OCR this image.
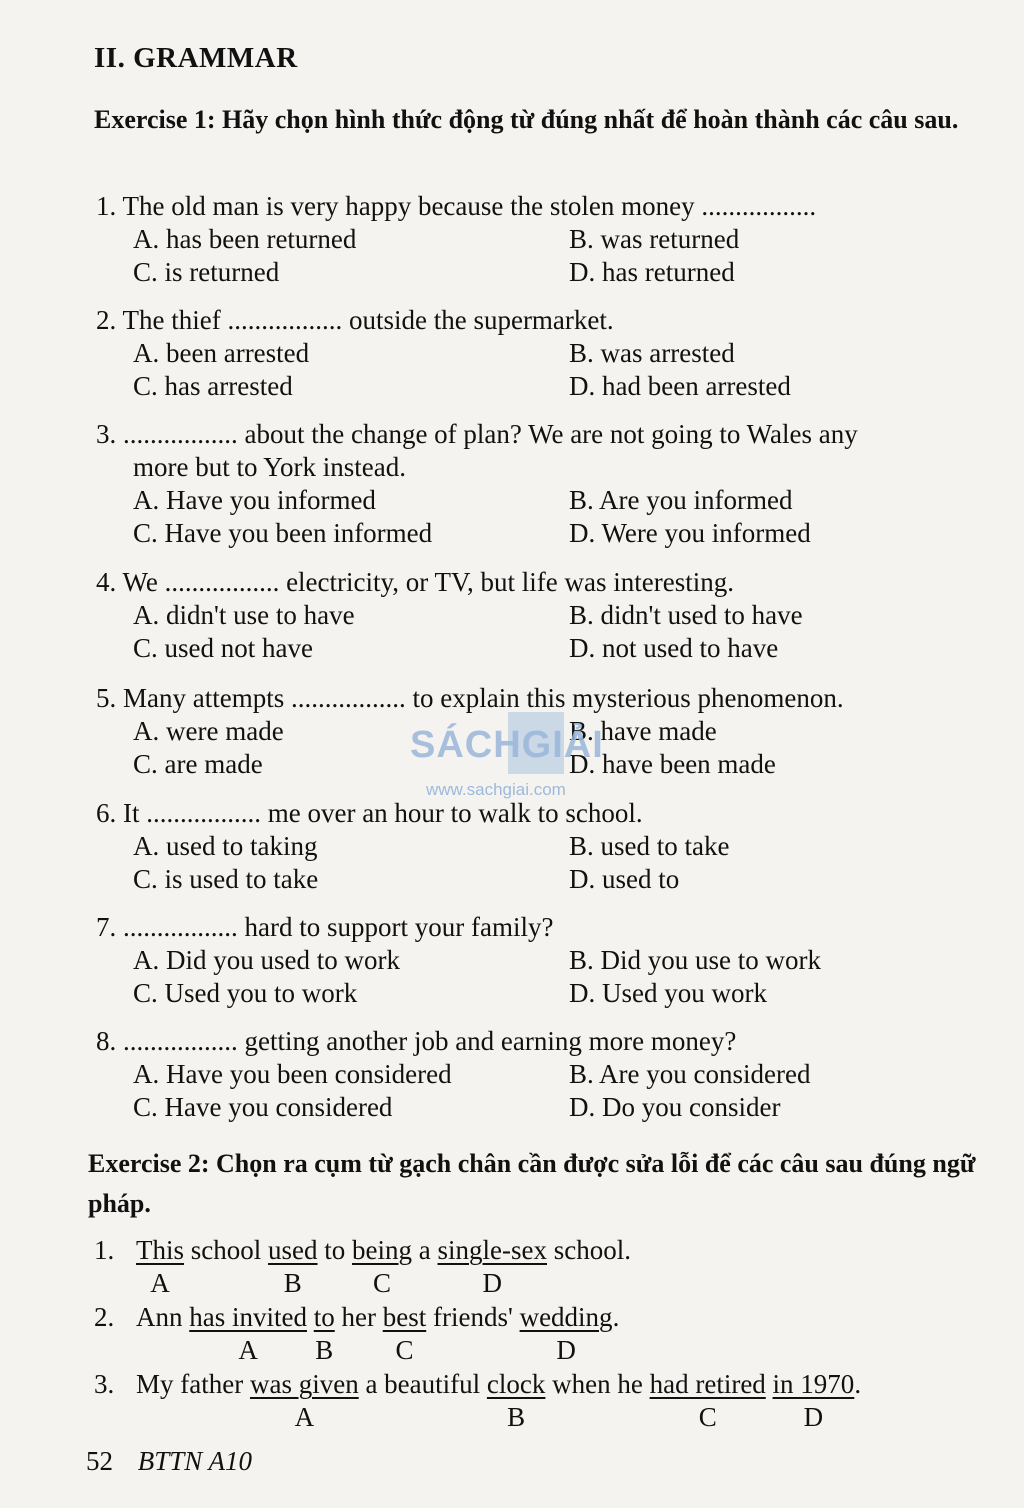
II. GRAMMAR
Exercise 1: Hãy chọn hình thức động từ đúng nhất để hoàn thành các câu sau.
1. The old man is very happy because the stolen money .................
A. has been returned	B. was returned
C. is returned	D. has returned
2. The thief ................. outside the supermarket.
A. been arrested	B. was arrested
C. has arrested	D. had been arrested
3. ................. about the change of plan? We are not going to Wales any
more but to York instead.
A. Have you informed	B. Are you informed
C. Have you been informed	D. Were you informed
4. We ................. electricity, or TV, but life was interesting.
A. didn't use to have	B. didn't used to have
C. used not have	D. not used to have
5. Many attempts ................. to explain this mysterious phenomenon.
A. were made	B. have made
C. are made	D. have been made
6. It ................. me over an hour to walk to school.
A. used to taking	B. used to take
C. is used to take	D. used to
7. ................. hard to support your family?
A. Did you used to work	B. Did you use to work
C. Used you to work	D. Used you work
8. ................. getting another job and earning more money?
A. Have you been considered	B. Are you considered
C. Have you considered	D. Do you consider
Exercise 2: Chọn ra cụm từ gạch chân cần được sửa lỗi để các câu sau đúng ngữ pháp.
1. This school used to being a single-sex school.
A	B	C	D
2. Ann has invited to her best friends' wedding.
A B C	D
3. My father was given a beautiful clock when he had retired in 1970.
A	B	C	D
SÁCHGIẢI
www.sachgiai.com
52 BTTN A10
